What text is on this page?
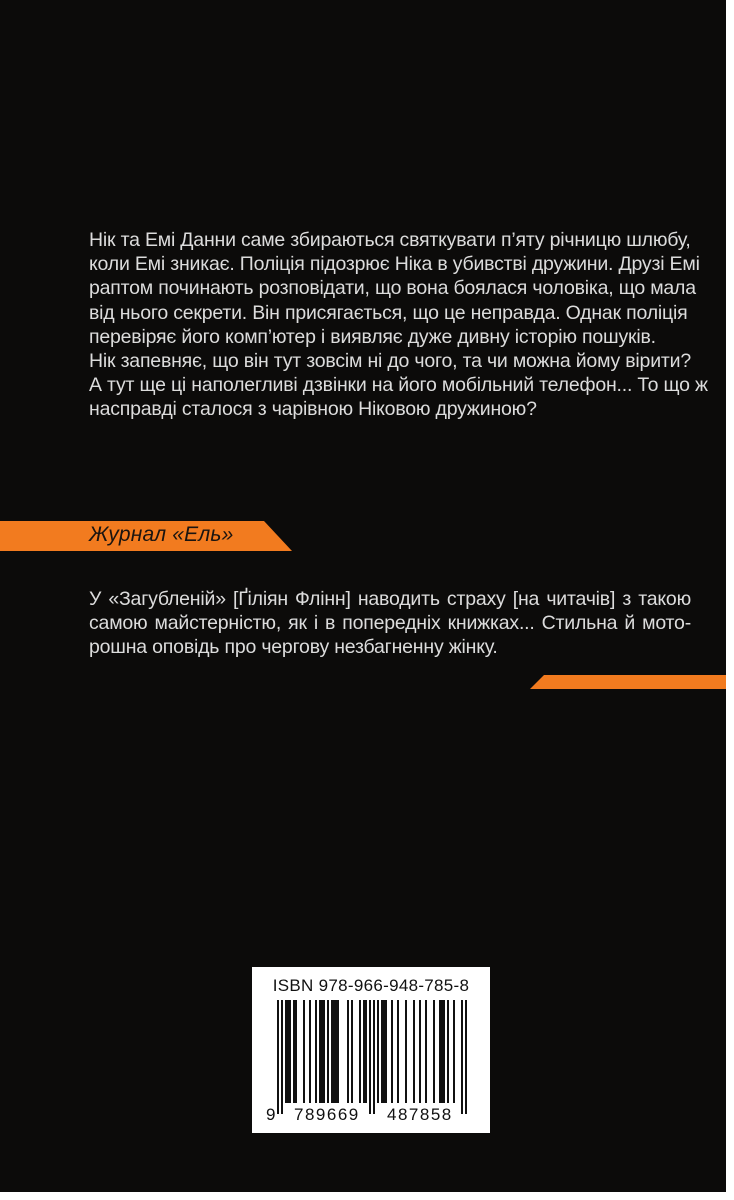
Нік та Емі Данни саме збираються святкувати п’яту річницю шлюбу,

коли Емі зникає. Поліція підозрює Ніка в убивстві дружини. Друзі Емі

раптом починають розповідати, що вона боялася чоловіка, що мала

від нього секрети. Він присягається, що це неправда. Однак поліція

перевіряє його комп’ютер і виявляє дуже дивну історію пошуків.

Нік запевняє, що він тут зовсім ні до чого, та чи можна йому вірити?

А тут ще ці наполегливі дзвінки на його мобільний телефон... То що ж

насправді сталося з чарівною Ніковою дружиною?

Журнал «Ель»

У «Загубленій» [Ґіліян Флінн] наводить страху [на читачів] з такою

самою майстерністю, як і в попередніх книжках... Стильна й мото-

рошна оповідь про чергову незбагненну жінку.

ISBN 978-966-948-785-8
9 789669 487858
